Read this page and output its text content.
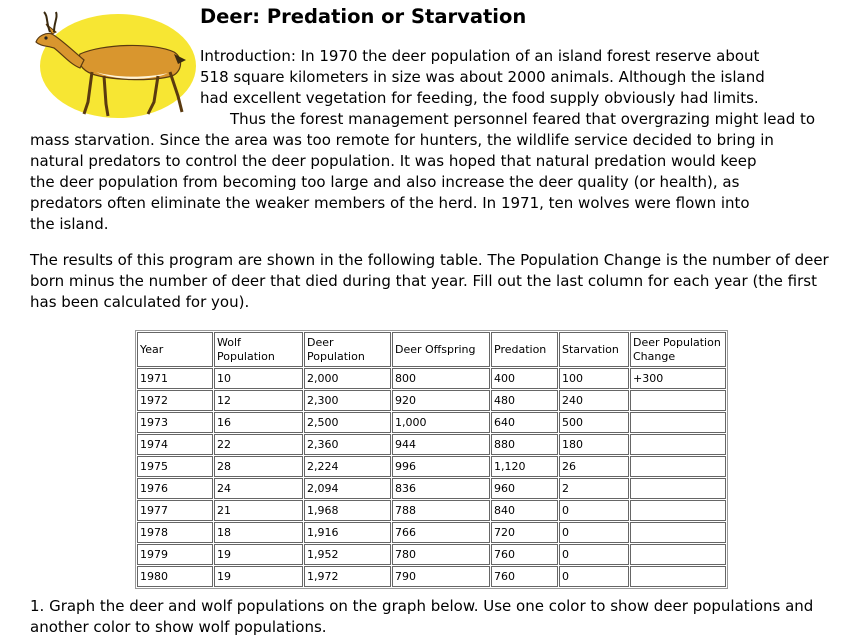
Deer: Predation or Starvation
Introduction: In 1970 the deer population of an island forest reserve about
518 square kilometers in size was about 2000 animals. Although the island
had excellent vegetation for feeding, the food supply obviously had limits.
Thus the forest management personnel feared that overgrazing might lead to
mass starvation. Since the area was too remote for hunters, the wildlife service decided to bring in
natural predators to control the deer population. It was hoped that natural predation would keep
the deer population from becoming too large and also increase the deer quality (or health), as
predators often eliminate the weaker members of the herd. In 1971, ten wolves were flown into
the island.

The results of this program are shown in the following table. The Population Change is the number of deer born minus the number of deer that died during that year. Fill out the last column for each year (the first has been calculated for you).

Year	Wolf Population	Deer Population	Deer Offspring	Predation	Starvation	Deer Population Change
1971	10	2,000	800	400	100	+300
1972	12	2,300	920	480	240	
1973	16	2,500	1,000	640	500	
1974	22	2,360	944	880	180	
1975	28	2,224	996	1,120	26	
1976	24	2,094	836	960	2	
1977	21	1,968	788	840	0	
1978	18	1,916	766	720	0	
1979	19	1,952	780	760	0	
1980	19	1,972	790	760	0	

1. Graph the deer and wolf populations on the graph below. Use one color to show deer populations and another color to show wolf populations.
